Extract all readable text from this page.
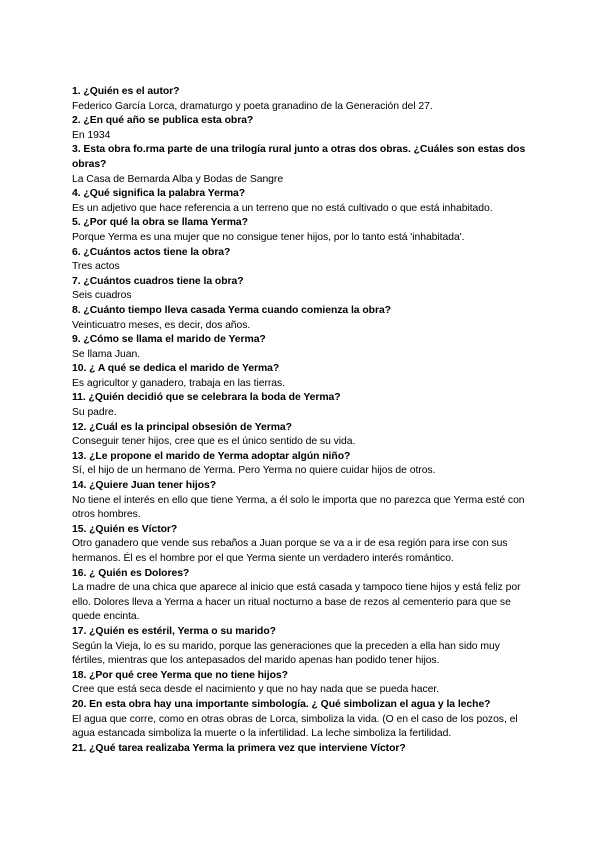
1. ¿Quién es el autor?

Federico García Lorca, dramaturgo y poeta granadino de la Generación del 27.

2. ¿En qué año se publica esta obra?

En 1934

3. Esta obra fo.rma parte de una trilogía rural junto a otras dos obras. ¿Cuáles son estas dos obras?

La Casa de Bernarda Alba y Bodas de Sangre

4. ¿Qué significa la palabra Yerma?

Es un adjetivo que hace referencia a un terreno que no está cultivado o que está inhabitado.

5. ¿Por qué la obra se llama Yerma?

Porque Yerma es una mujer que no consigue tener hijos, por lo tanto está 'inhabitada'.

6. ¿Cuántos actos tiene la obra?

Tres actos

7. ¿Cuántos cuadros tiene la obra?

Seis cuadros

8. ¿Cuánto tiempo lleva casada Yerma cuando comienza la obra?

Veinticuatro meses, es decir, dos años.

9. ¿Cómo se llama el marido de Yerma?

Se llama Juan.

10. ¿ A qué se dedica el marido de Yerma?

Es agricultor y ganadero, trabaja en las tierras.

11. ¿Quién decidió que se celebrara la boda de Yerma?

Su padre.

12. ¿Cuál es la principal obsesión de Yerma?

Conseguir tener hijos, cree que es el único sentido de su vida.

13. ¿Le propone el marido de Yerma adoptar algún niño?

Sí, el hijo de un hermano de Yerma. Pero Yerma no quiere cuidar hijos de otros.

14. ¿Quiere Juan tener hijos?

No tiene el interés en ello que tiene Yerma, a él solo le importa que no parezca que Yerma esté con otros hombres.

15. ¿Quién es Víctor?

Otro ganadero que vende sus rebaños a Juan porque se va a ir de esa región para irse con sus hermanos. Él es el hombre por el que Yerma siente un verdadero interés romántico.

16. ¿ Quién es Dolores?

La madre de una chica que aparece al inicio que está casada y tampoco tiene hijos y está feliz por ello. Dolores lleva a Yerma a hacer un ritual nocturno a base de rezos al cementerio para que se quede encinta.

17. ¿Quién es estéril, Yerma o su marido?

Según la Vieja, lo es su marido, porque las generaciones que la preceden a ella han sido muy fértiles, mientras que los antepasados del marido apenas han podido tener hijos.

18. ¿Por qué cree Yerma que no tiene hijos?

Cree que está seca desde el nacimiento y que no hay nada que se pueda hacer.

20. En esta obra hay una importante simbología. ¿ Qué simbolizan el agua y la leche?

El agua que corre, como en otras obras de Lorca, simboliza la vida. (O en el caso de los pozos, el agua estancada simboliza la muerte o la infertilidad. La leche simboliza la fertilidad.

21. ¿Qué tarea realizaba Yerma la primera vez que interviene Víctor?
